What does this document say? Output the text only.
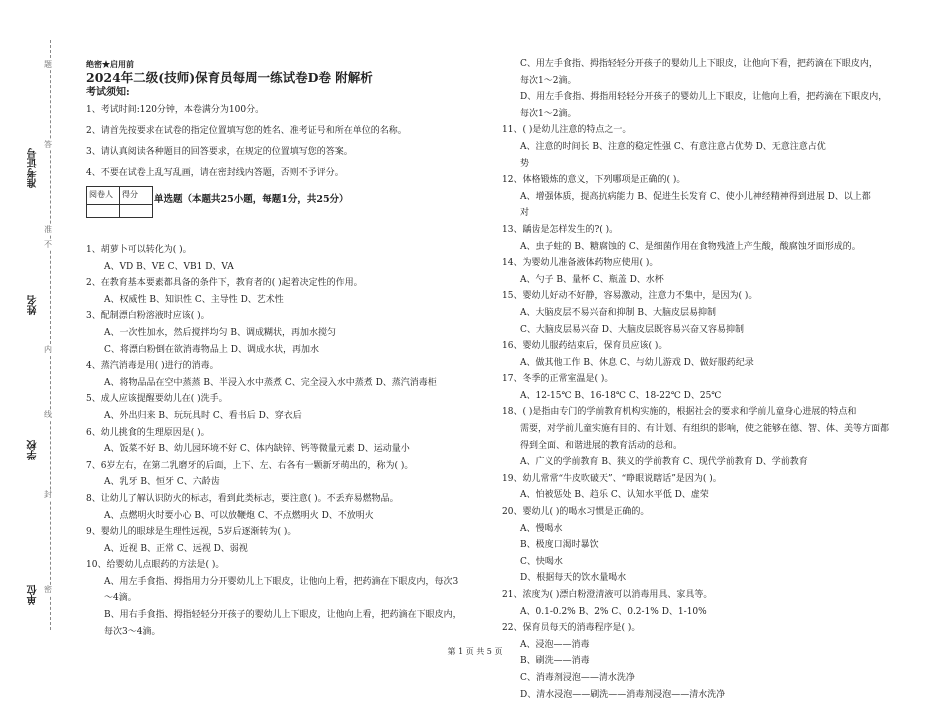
题
答
准
不
内
线
封
密
准考证号
姓名
学校
单位

绝密★启用前

2024年二级(技师)保育员每周一练试卷D卷 附解析

考试须知:

1、考试时间:120分钟，本卷满分为100分。

2、请首先按要求在试卷的指定位置填写您的姓名、准考证号和所在单位的名称。

3、请认真阅读各种题目的回答要求，在规定的位置填写您的答案。

4、不要在试卷上乱写乱画，请在密封线内答题，否则不予评分。

阅卷人	得分
	单选题（本题共25小题，每题1分，共25分）

1、胡萝卜可以转化为( )。

A、VD B、VE C、VB1 D、VA

2、在教育基本要素都具备的条件下，教育者的( )起着决定性的作用。

A、权威性 B、知识性 C、主导性 D、艺术性

3、配制漂白粉溶液时应该( )。

A、一次性加水，然后搅拌均匀 B、调成糊状，再加水搅匀

C、将漂白粉倒在欲消毒物品上 D、调成水状，再加水

4、蒸汽消毒是用( )进行的消毒。

A、将物品品在空中蒸蒸 B、半浸入水中蒸煮 C、完全浸入水中蒸煮 D、蒸汽消毒柜

5、成人应该提醒要幼儿在( )洗手。

A、外出归来 B、玩玩具时 C、看书后 D、穿衣后

6、幼儿挑食的生理原因是( )。

A、饭菜不好 B、幼儿园环境不好 C、体内缺锌、钙等微量元素 D、运动量小

7、6岁左右，在第二乳磨牙的后面，上下、左、右各有一颗新牙萌出的，称为( )。

A、乳牙 B、恒牙 C、六龄齿

8、让幼儿了解认识防火的标志，看到此类标志，要注意( )。不丢弃易燃物品。

A、点燃明火时要小心 B、可以放鞭炮 C、不点燃明火 D、不放明火

9、婴幼儿的眼球是生理性远视，5岁后逐渐转为( )。

A、近视 B、正常 C、远视 D、弱视

10、给婴幼儿点眼药的方法是( )。

A、用左手食指、拇指用力分开婴幼儿上下眼皮，让他向上看，把药滴在下眼皮内，每次3

～4滴。

B、用右手食指、拇指轻轻分开孩子的婴幼儿上下眼皮，让他向上看，把药滴在下眼皮内，

每次3～4滴。

C、用左手食指、拇指轻轻分开孩子的婴幼儿上下眼皮，让他向下看，把药滴在下眼皮内，

每次1～2滴。

D、用左手食指、拇指用轻轻分开孩子的婴幼儿上下眼皮，让他向上看，把药滴在下眼皮内，

每次1～2滴。

11、( )是幼儿注意的特点之一。

A、注意的时间长 B、注意的稳定性强 C、有意注意占优势 D、无意注意占优

势

12、体格锻炼的意义，下列哪项是正确的( )。

A、增强体质，提高抗病能力 B、促进生长发育 C、使小儿神经精神得到进展 D、以上都

对

13、龋齿是怎样发生的?( )。

A、虫子蛀的 B、糖腐蚀的 C、是细菌作用在食物残渣上产生酸，酸腐蚀牙面形成的。

14、为婴幼儿准备液体药物应使用( )。

A、勺子 B、量杯 C、瓶盖 D、水杯

15、婴幼儿好动不好静，容易激动，注意力不集中，是因为( )。

A、大脑皮层不易兴奋和抑制 B、大脑皮层易抑制

C、大脑皮层易兴奋 D、大脑皮层既容易兴奋又容易抑制

16、婴幼儿服药结束后，保育员应该( )。

A、做其他工作 B、休息 C、与幼儿游戏 D、做好服药纪录

17、冬季的正常室温是( )。

A、12-15℃ B、16-18℃ C、18-22℃ D、25℃

18、( )是指由专门的学前教育机构实施的，根据社会的要求和学前儿童身心进展的特点和

需要，对学前儿童实施有目的、有计划、有组织的影响，使之能够在德、智、体、美等方面都

得到全面、和谐进展的教育活动的总和。

A、广义的学前教育 B、狭义的学前教育 C、现代学前教育 D、学前教育

19、幼儿常常“牛皮吹破天”、“睁眼说瞎话”是因为( )。

A、怕被惩处 B、趋乐 C、认知水平低 D、虚荣

20、婴幼儿( )的喝水习惯是正确的。

A、慢喝水

B、极度口渴时暴饮

C、快喝水

D、根据每天的饮水量喝水

21、浓度为( )漂白粉澄清液可以消毒用具、家具等。

A、0.1-0.2% B、2% C、0.2-1% D、1-10%

22、保育员每天的消毒程序是( )。

A、浸泡——消毒

B、刷洗——消毒

C、消毒剂浸泡——清水洗净

D、清水浸泡——刷洗——消毒剂浸泡——清水洗净

第 1 页 共 5 页
